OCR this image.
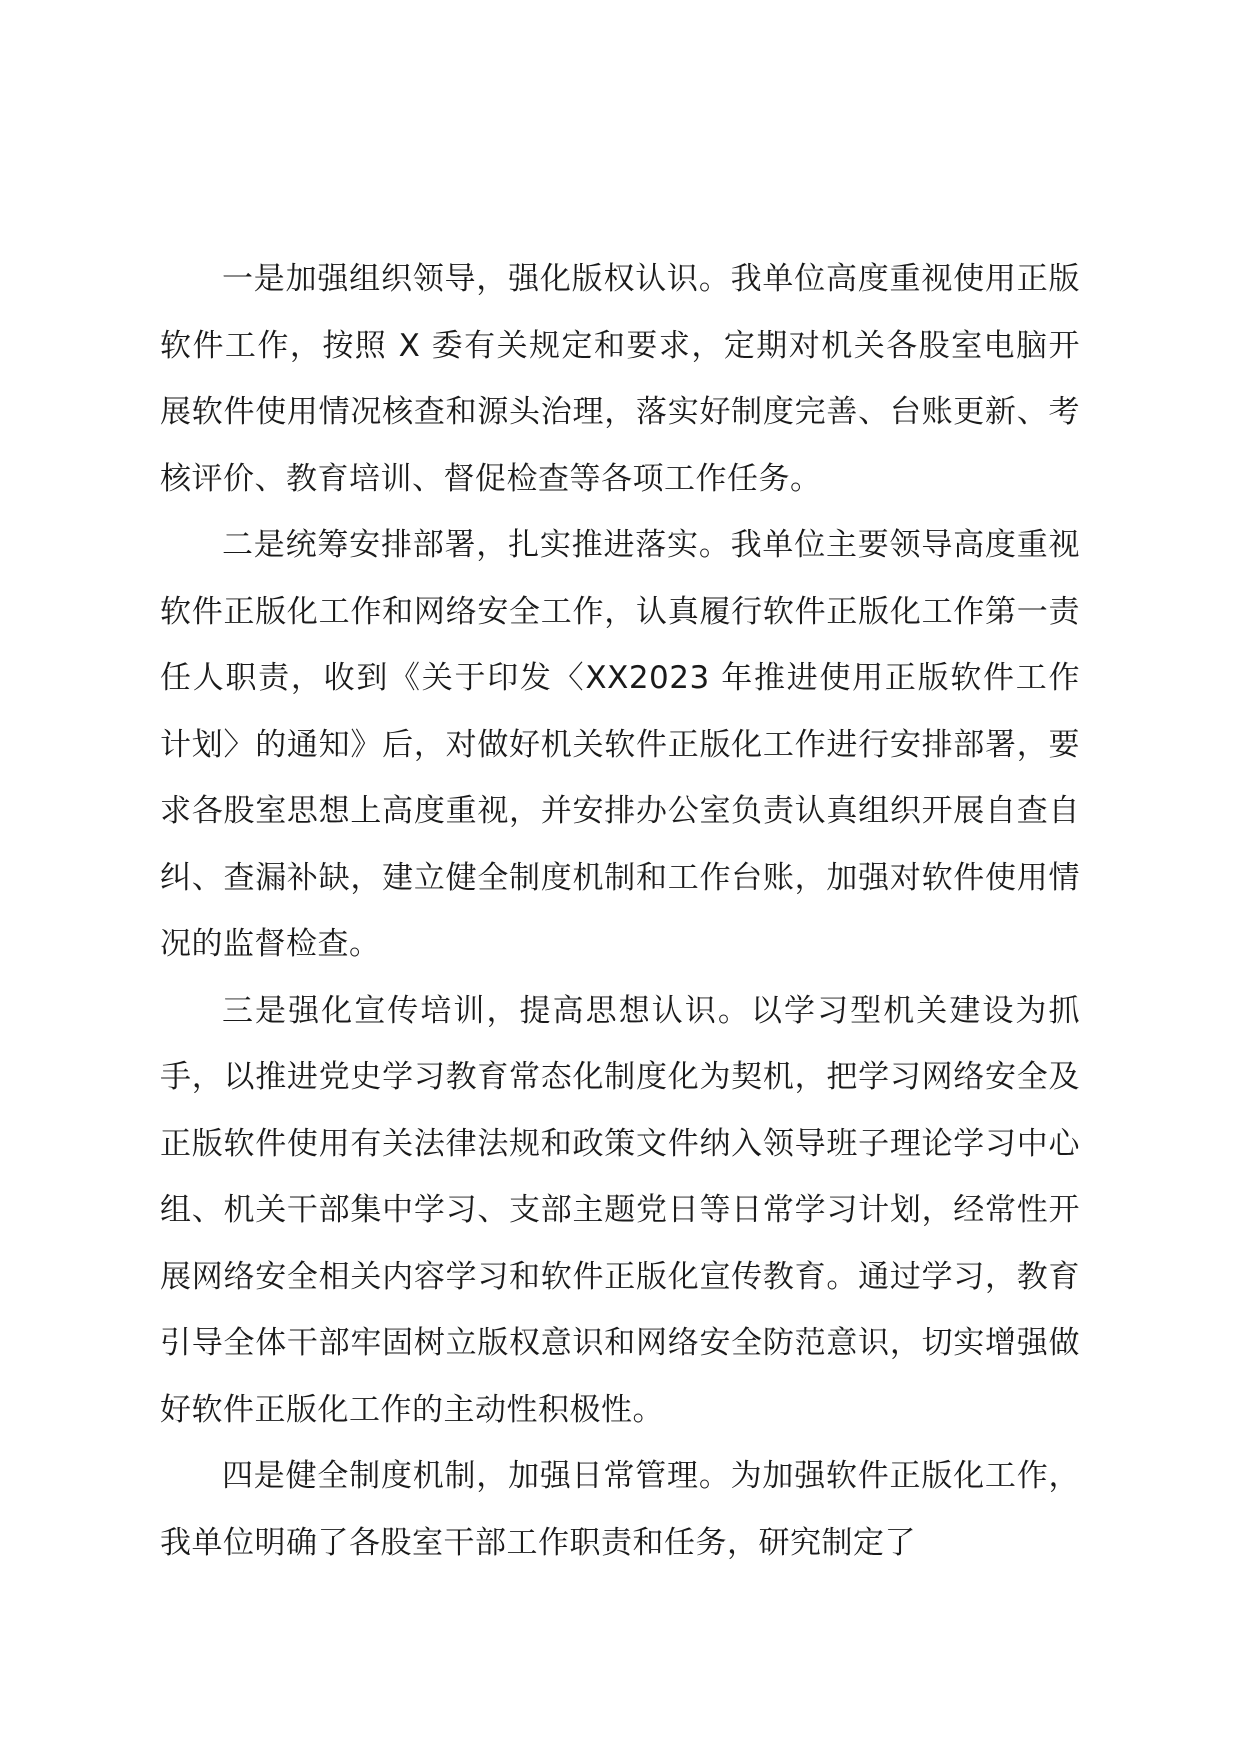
一是加强组织领导，强化版权认识。我单位高度重视使用正版软件工作，按照 X 委有关规定和要求，定期对机关各股室电脑开展软件使用情况核查和源头治理，落实好制度完善、台账更新、考核评价、教育培训、督促检查等各项工作任务。

二是统筹安排部署，扎实推进落实。我单位主要领导高度重视软件正版化工作和网络安全工作，认真履行软件正版化工作第一责任人职责，收到《关于印发〈XX2023 年推进使用正版软件工作计划〉的通知》后，对做好机关软件正版化工作进行安排部署，要求各股室思想上高度重视，并安排办公室负责认真组织开展自查自纠、查漏补缺，建立健全制度机制和工作台账，加强对软件使用情况的监督检查。

三是强化宣传培训，提高思想认识。以学习型机关建设为抓手，以推进党史学习教育常态化制度化为契机，把学习网络安全及正版软件使用有关法律法规和政策文件纳入领导班子理论学习中心组、机关干部集中学习、支部主题党日等日常学习计划，经常性开展网络安全相关内容学习和软件正版化宣传教育。通过学习，教育引导全体干部牢固树立版权意识和网络安全防范意识，切实增强做好软件正版化工作的主动性积极性。

四是健全制度机制，加强日常管理。为加强软件正版化工作，我单位明确了各股室干部工作职责和任务，研究制定了
